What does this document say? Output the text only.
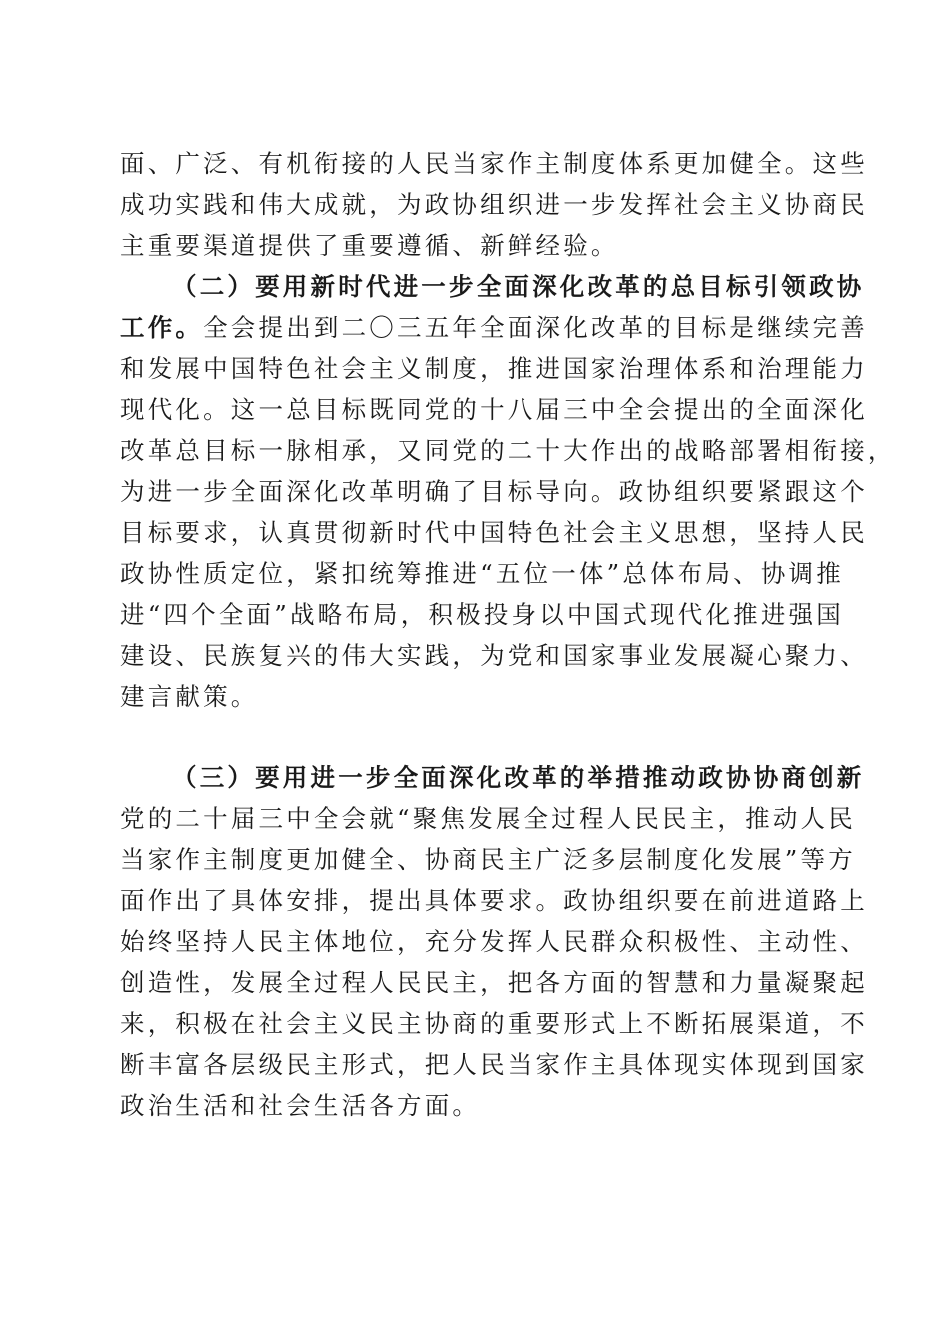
面、广泛、有机衔接的人民当家作主制度体系更加健全。这些
成功实践和伟大成就，为政协组织进一步发挥社会主义协商民
主重要渠道提供了重要遵循、新鲜经验。
（二）要用新时代进一步全面深化改革的总目标引领政协
工作。全会提出到二〇三五年全面深化改革的目标是继续完善
和发展中国特色社会主义制度，推进国家治理体系和治理能力
现代化。这一总目标既同党的十八届三中全会提出的全面深化
改革总目标一脉相承，又同党的二十大作出的战略部署相衔接，
为进一步全面深化改革明确了目标导向。政协组织要紧跟这个
目标要求，认真贯彻新时代中国特色社会主义思想，坚持人民
政协性质定位，紧扣统筹推进“五位一体”总体布局、协调推
进“四个全面”战略布局，积极投身以中国式现代化推进强国
建设、民族复兴的伟大实践，为党和国家事业发展凝心聚力、
建言献策。
（三）要用进一步全面深化改革的举措推动政协协商创新
党的二十届三中全会就“聚焦发展全过程人民民主，推动人民
当家作主制度更加健全、协商民主广泛多层制度化发展”等方
面作出了具体安排，提出具体要求。政协组织要在前进道路上
始终坚持人民主体地位，充分发挥人民群众积极性、主动性、
创造性，发展全过程人民民主，把各方面的智慧和力量凝聚起
来，积极在社会主义民主协商的重要形式上不断拓展渠道，不
断丰富各层级民主形式，把人民当家作主具体现实体现到国家
政治生活和社会生活各方面。
